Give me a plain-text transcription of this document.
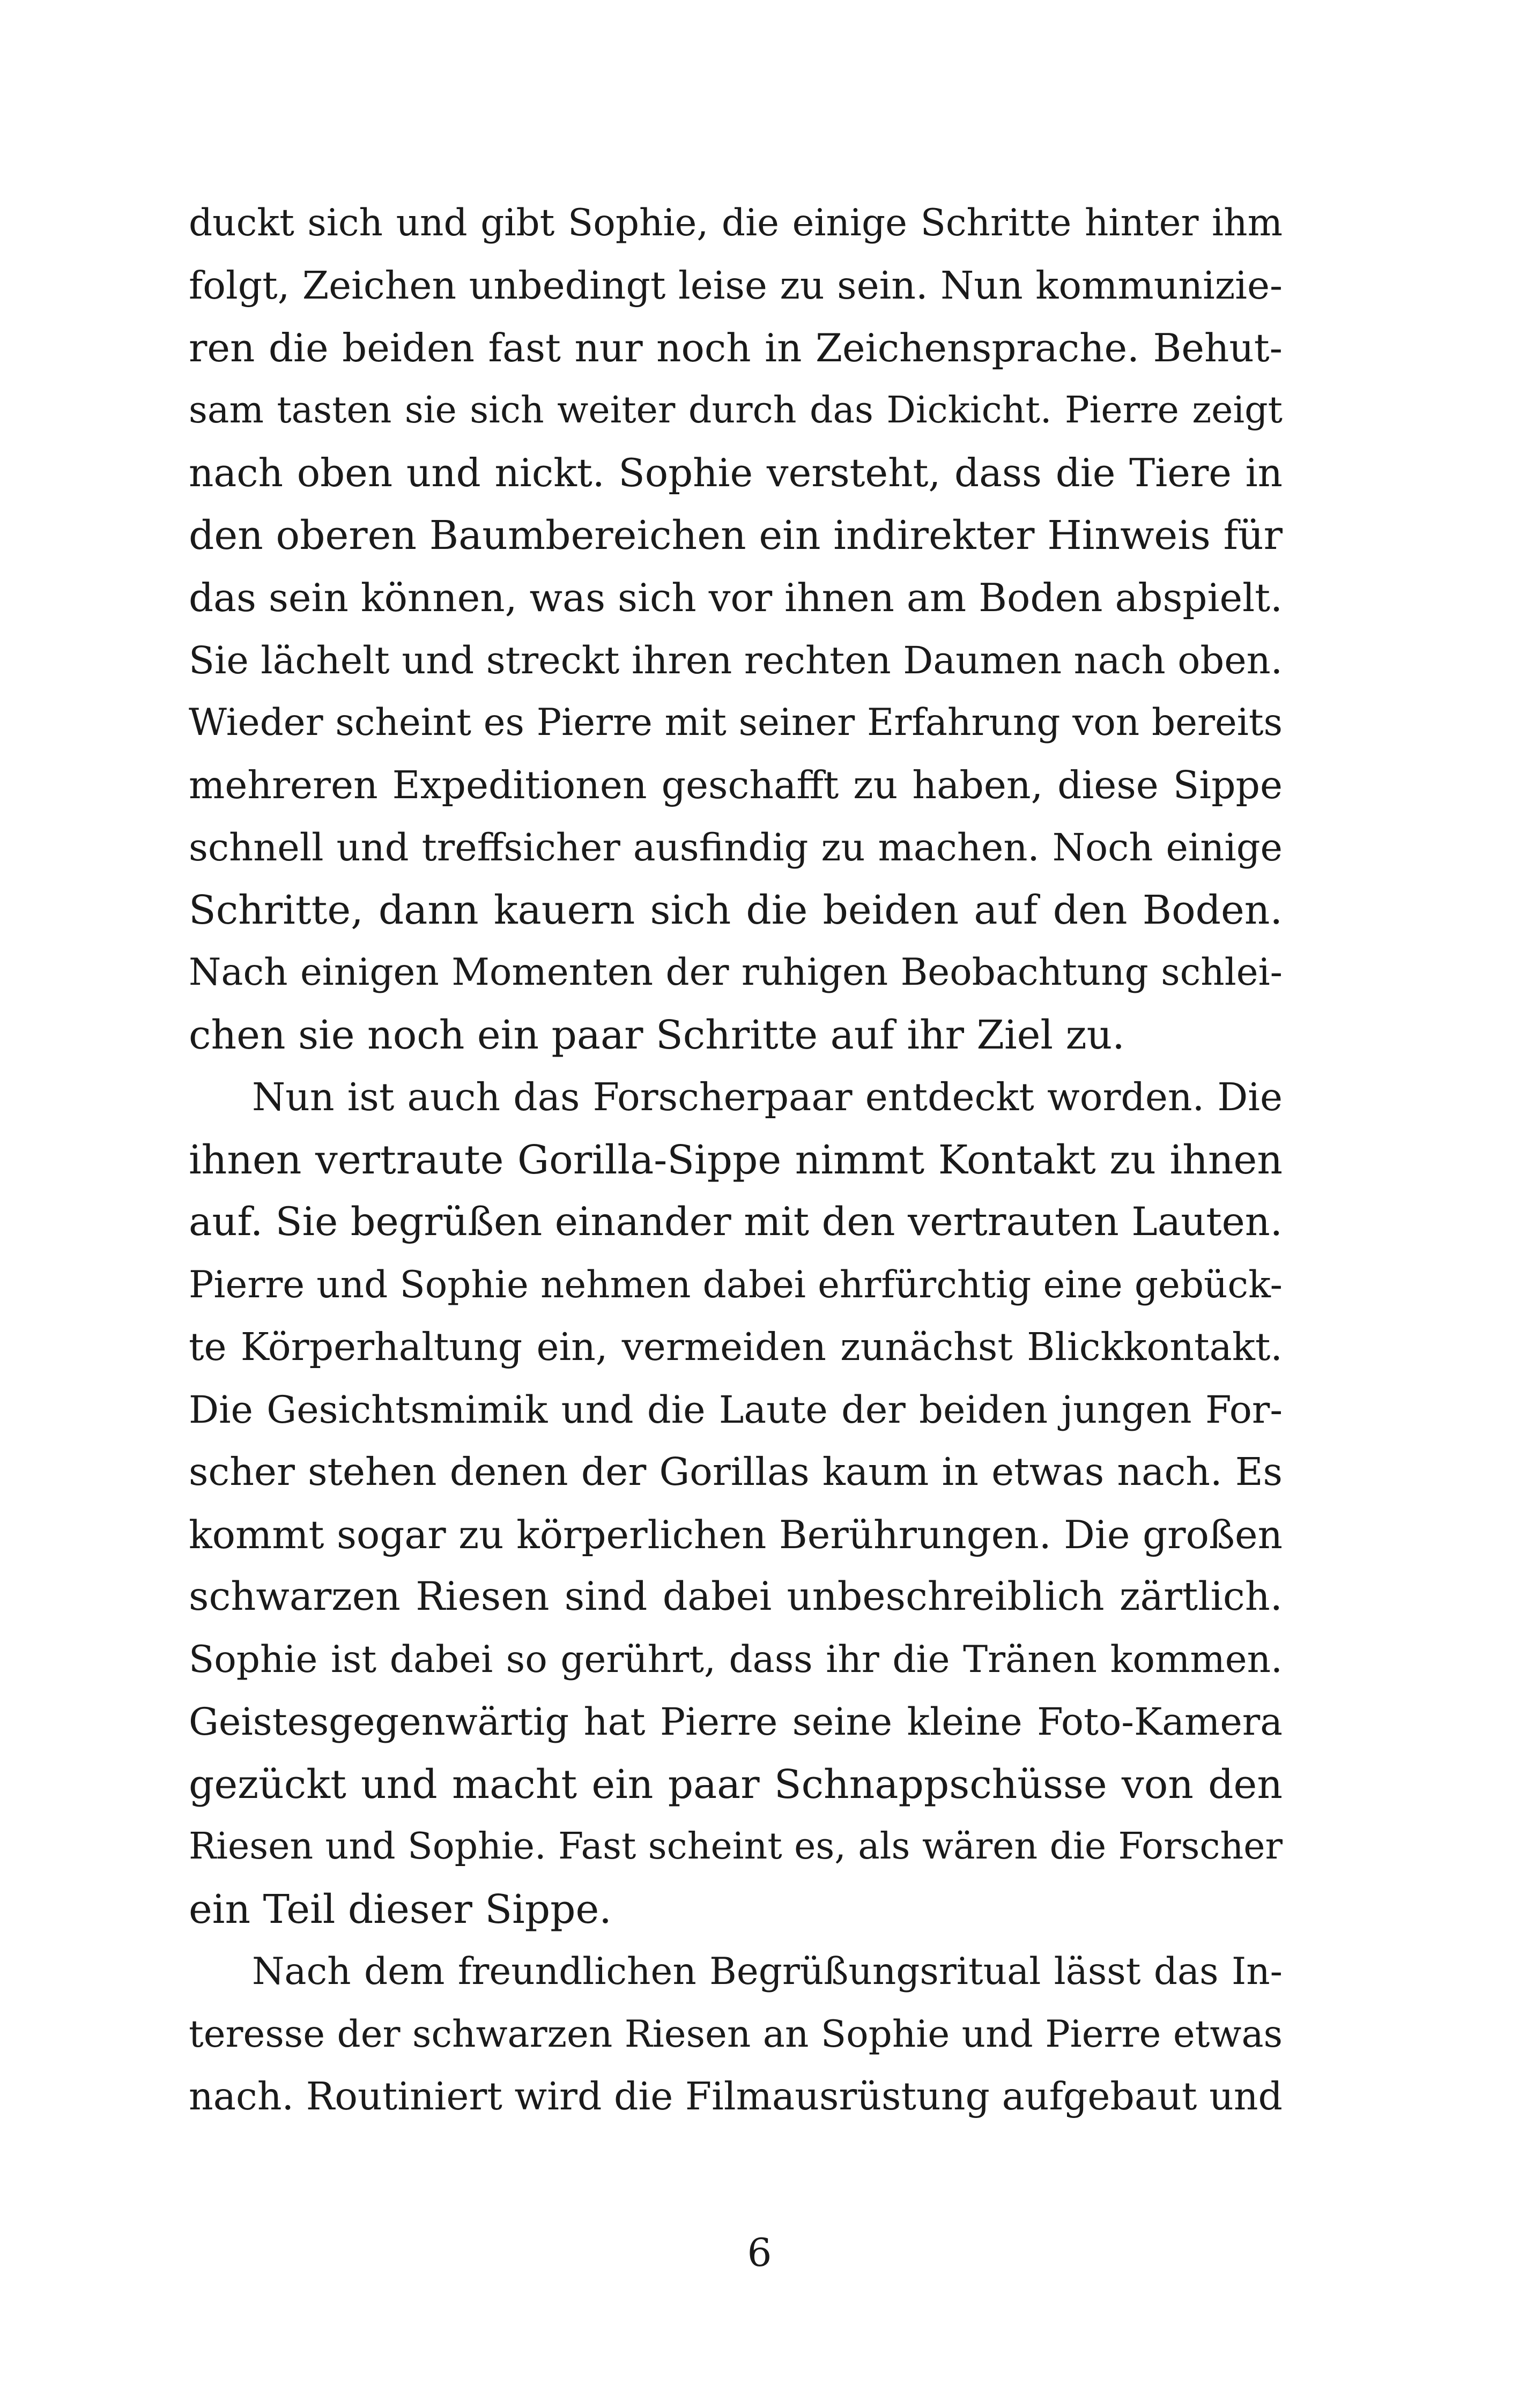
duckt sich und gibt Sophie, die einige Schritte hinter ihm
folgt, Zeichen unbedingt leise zu sein. Nun kommunizie-
ren die beiden fast nur noch in Zeichensprache. Behut-
sam tasten sie sich weiter durch das Dickicht. Pierre zeigt
nach oben und nickt. Sophie versteht, dass die Tiere in
den oberen Baumbereichen ein indirekter Hinweis für
das sein können, was sich vor ihnen am Boden abspielt.
Sie lächelt und streckt ihren rechten Daumen nach oben.
Wieder scheint es Pierre mit seiner Erfahrung von bereits
mehreren Expeditionen geschafft zu haben, diese Sippe
schnell und treffsicher ausfindig zu machen. Noch einige
Schritte, dann kauern sich die beiden auf den Boden.
Nach einigen Momenten der ruhigen Beobachtung schlei-
chen sie noch ein paar Schritte auf ihr Ziel zu.
Nun ist auch das Forscherpaar entdeckt worden. Die
ihnen vertraute Gorilla-Sippe nimmt Kontakt zu ihnen
auf. Sie begrüßen einander mit den vertrauten Lauten.
Pierre und Sophie nehmen dabei ehrfürchtig eine gebück-
te Körperhaltung ein, vermeiden zunächst Blickkontakt.
Die Gesichtsmimik und die Laute der beiden jungen For-
scher stehen denen der Gorillas kaum in etwas nach. Es
kommt sogar zu körperlichen Berührungen. Die großen
schwarzen Riesen sind dabei unbeschreiblich zärtlich.
Sophie ist dabei so gerührt, dass ihr die Tränen kommen.
Geistesgegenwärtig hat Pierre seine kleine Foto-Kamera
gezückt und macht ein paar Schnappschüsse von den
Riesen und Sophie. Fast scheint es, als wären die Forscher
ein Teil dieser Sippe.
Nach dem freundlichen Begrüßungsritual lässt das In-
teresse der schwarzen Riesen an Sophie und Pierre etwas
nach. Routiniert wird die Filmausrüstung aufgebaut und
6
